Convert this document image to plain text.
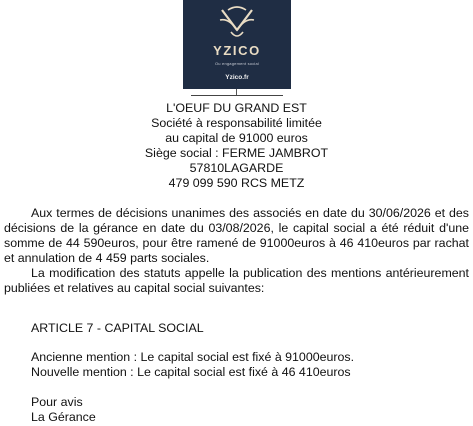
YZICO
Ou engagement social
Yzico.fr
L'OEUF DU GRAND EST
Société à responsabilité limitée
au capital de 91000 euros
Siège social : FERME JAMBROT
57810LAGARDE
479 099 590 RCS METZ
Aux termes de décisions unanimes des associés en date du 30/06/2026 et des décisions de la gérance en date du 03/08/2026, le capital social a été réduit d'une somme de 44 590euros, pour être ramené de 91000euros à 46 410euros par rachat et annulation de 4 459 parts sociales.
La modification des statuts appelle la publication des mentions antérieurement publiées et relatives au capital social suivantes:
ARTICLE 7 - CAPITAL SOCIAL
Ancienne mention : Le capital social est fixé à 91000euros.
Nouvelle mention : Le capital social est fixé à 46 410euros
Pour avis
La Gérance
